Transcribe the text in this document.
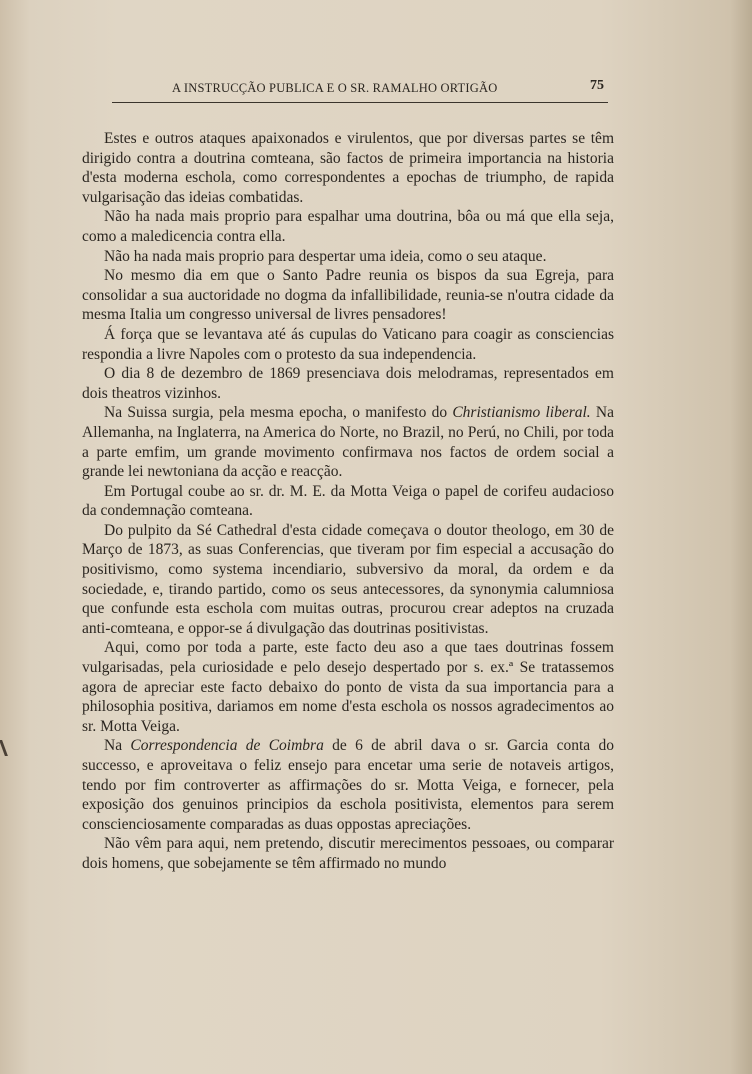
A INSTRUCÇÃO PUBLICA E O SR. RAMALHO ORTIGÃO	75

Estes e outros ataques apaixonados e virulentos, que por diversas partes se têm dirigido contra a doutrina comteana, são factos de primeira importancia na historia d'esta moderna eschola, como correspondentes a epochas de triumpho, de rapida vulgarisação das ideias combatidas.

Não ha nada mais proprio para espalhar uma doutrina, bôa ou má que ella seja, como a maledicencia contra ella.

Não ha nada mais proprio para despertar uma ideia, como o seu ataque.

No mesmo dia em que o Santo Padre reunia os bispos da sua Egreja, para consolidar a sua auctoridade no dogma da infallibilidade, reunia-se n'outra cidade da mesma Italia um congresso universal de livres pensadores!

Á força que se levantava até ás cupulas do Vaticano para coagir as consciencias respondia a livre Napoles com o protesto da sua independencia.

O dia 8 de dezembro de 1869 presenciava dois melodramas, representados em dois theatros vizinhos.

Na Suissa surgia, pela mesma epocha, o manifesto do Christianismo liberal. Na Allemanha, na Inglaterra, na America do Norte, no Brazil, no Perú, no Chili, por toda a parte emfim, um grande movimento confirmava nos factos de ordem social a grande lei newtoniana da acção e reacção.

Em Portugal coube ao sr. dr. M. E. da Motta Veiga o papel de corifeu audacioso da condemnação comteana.

Do pulpito da Sé Cathedral d'esta cidade começava o doutor theologo, em 30 de Março de 1873, as suas Conferencias, que tiveram por fim especial a accusação do positivismo, como systema incendiario, subversivo da moral, da ordem e da sociedade, e, tirando partido, como os seus antecessores, da synonymia calumniosa que confunde esta eschola com muitas outras, procurou crear adeptos na cruzada anti-comteana, e oppor-se á divulgação das doutrinas positivistas.

Aqui, como por toda a parte, este facto deu aso a que taes doutrinas fossem vulgarisadas, pela curiosidade e pelo desejo despertado por s. ex.ª Se tratassemos agora de apreciar este facto debaixo do ponto de vista da sua importancia para a philosophia positiva, dariamos em nome d'esta eschola os nossos agradecimentos ao sr. Motta Veiga.

Na Correspondencia de Coimbra de 6 de abril dava o sr. Garcia conta do successo, e aproveitava o feliz ensejo para encetar uma serie de notaveis artigos, tendo por fim controverter as affirmações do sr. Motta Veiga, e fornecer, pela exposição dos genuinos principios da eschola positivista, elementos para serem conscienciosamente comparadas as duas oppostas apreciações.

Não vêm para aqui, nem pretendo, discutir merecimentos pessoaes, ou comparar dois homens, que sobejamente se têm affirmado no mundo
